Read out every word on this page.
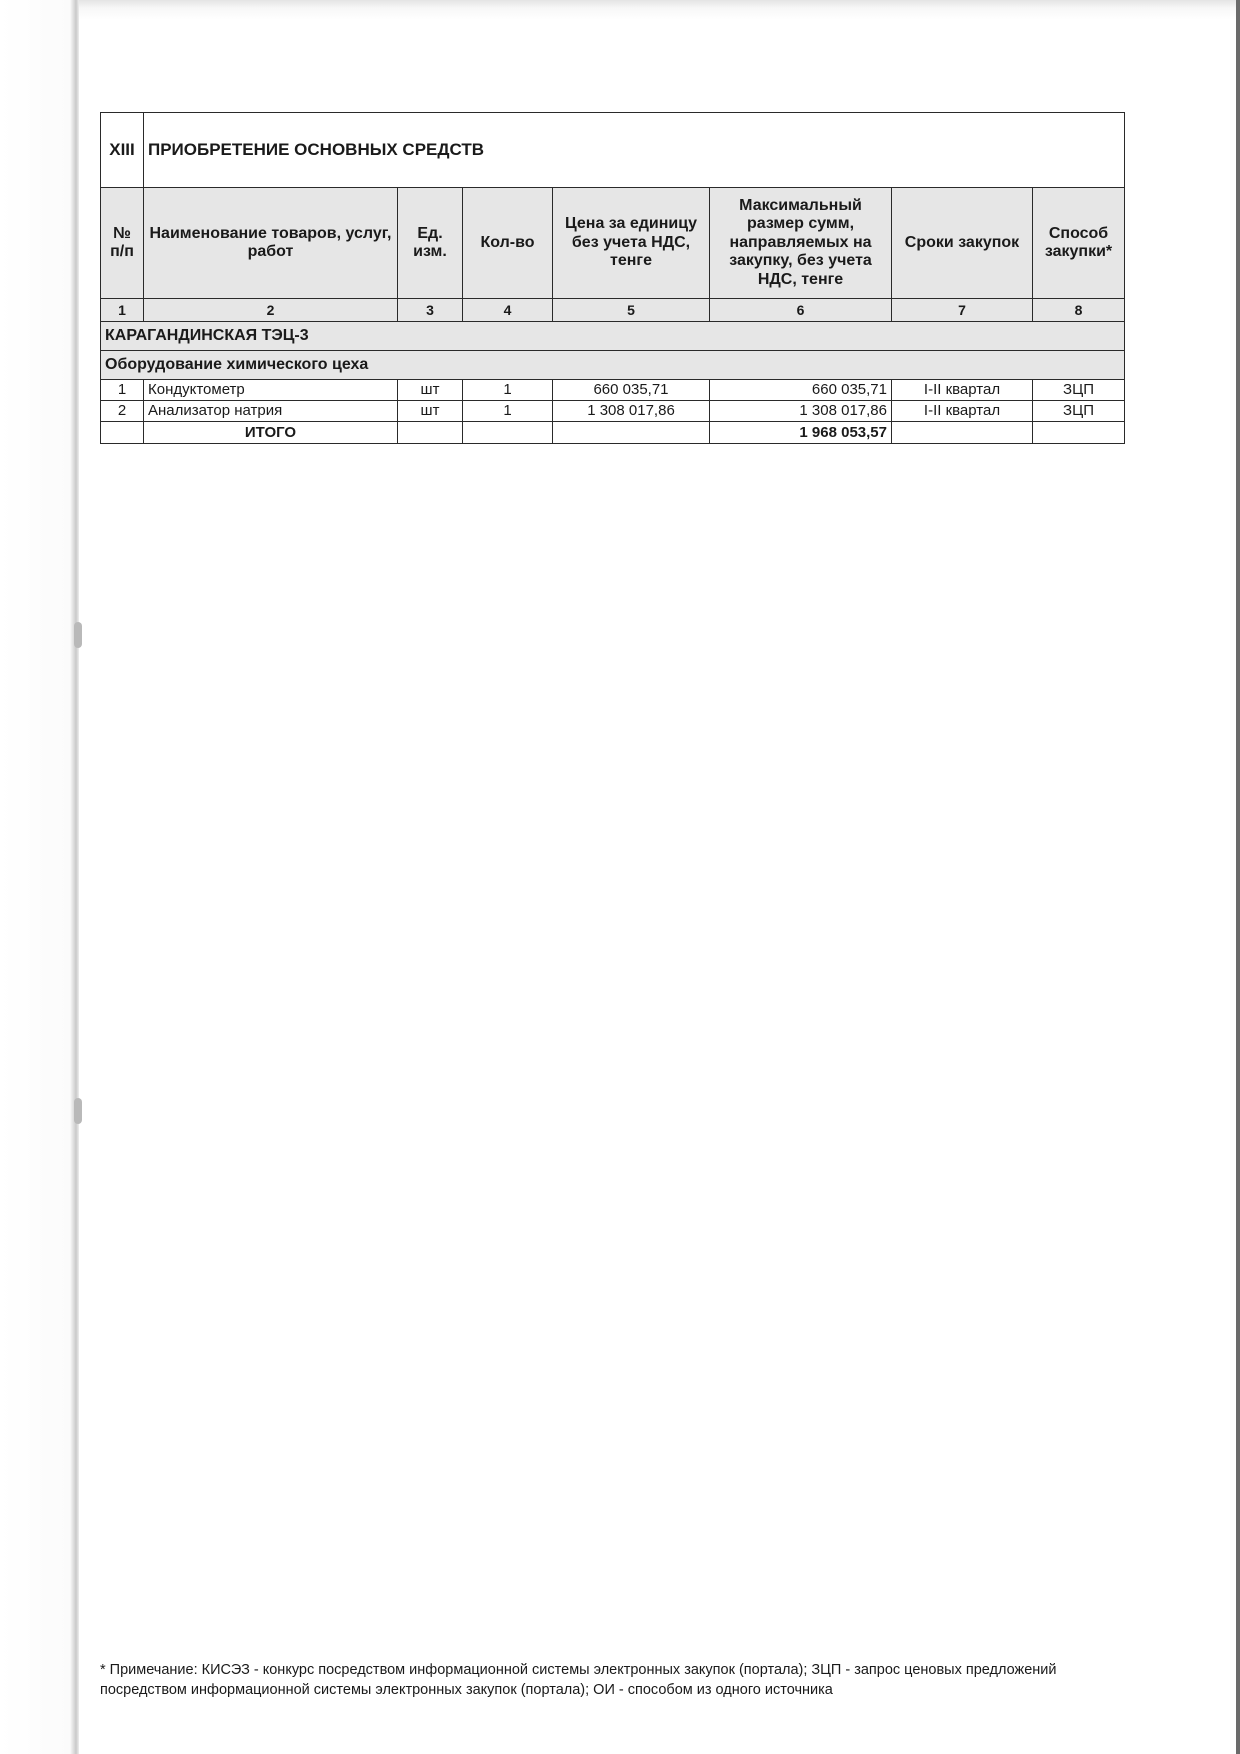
XIII	ПРИОБРЕТЕНИЕ ОСНОВНЫХ СРЕДСТВ						
№ п/п	Наименование товаров, услуг, работ	Ед. изм.	Кол-во	Цена за единицу без учета НДС, тенге	Максимальный размер сумм, направляемых на закупку, без учета НДС, тенге	Сроки закупок	Способ закупки*
1	2	3	4	5	6	7	8
КАРАГАНДИНСКАЯ ТЭЦ-3							
Оборудование химического цеха							
1	Кондуктометр	шт	1	660 035,71	660 035,71	I-II квартал	ЗЦП
2	Анализатор натрия	шт	1	1 308 017,86	1 308 017,86	I-II квартал	ЗЦП
	ИТОГО				1 968 053,57		
* Примечание: КИСЭЗ - конкурс посредством информационной системы электронных закупок (портала); ЗЦП - запрос ценовых предложений посредством информационной системы электронных закупок (портала); ОИ - способом из одного источника
